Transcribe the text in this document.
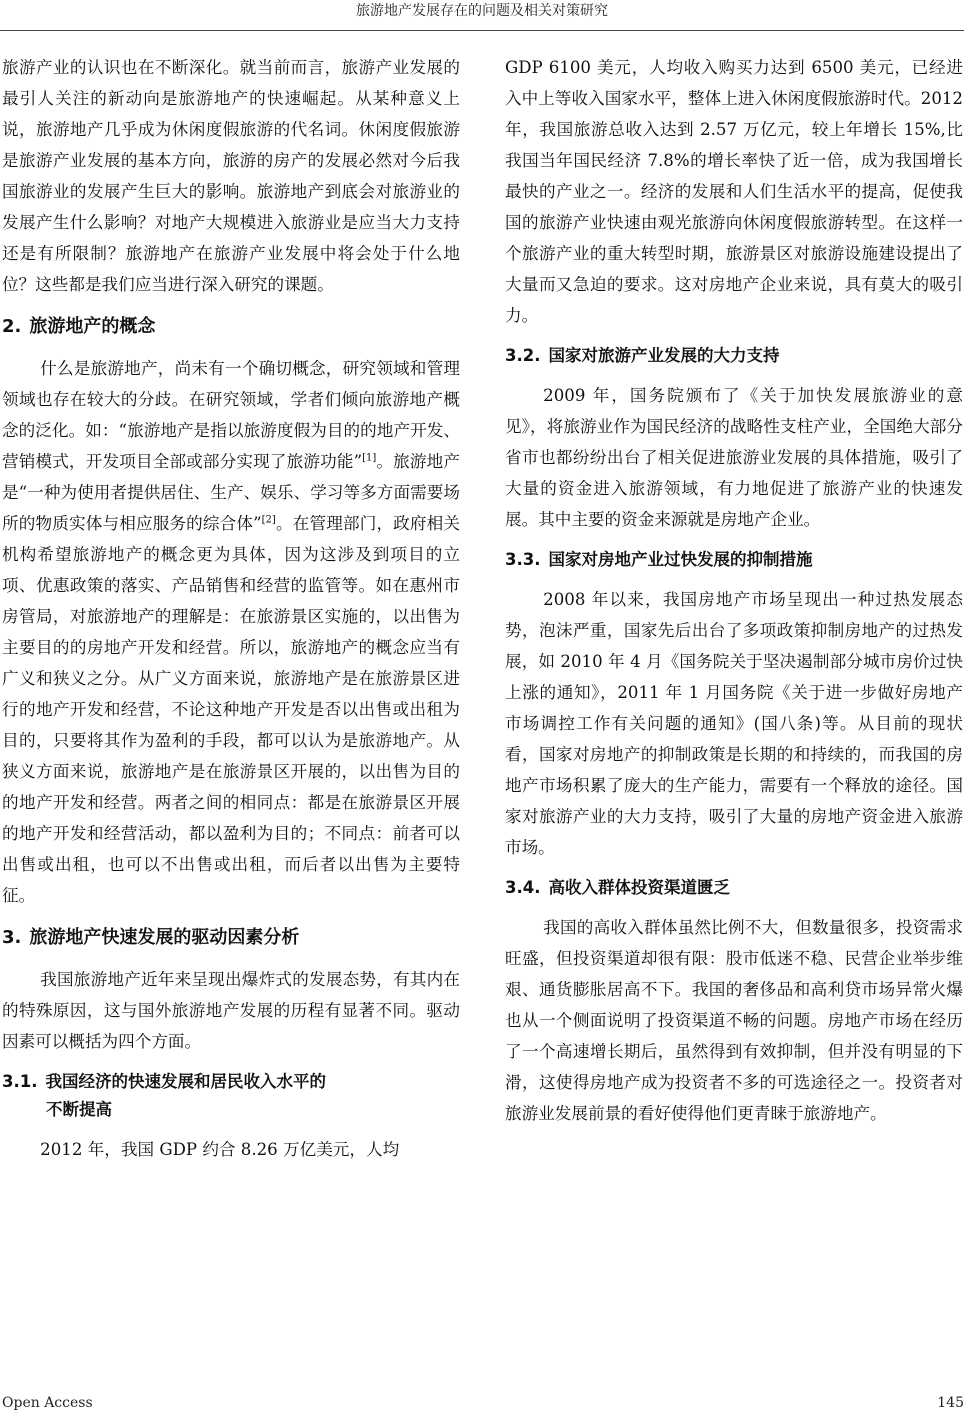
旅游地产发展存在的问题及相关对策研究

旅游产业的认识也在不断深化。就当前而言，旅游产业发展的最引人关注的新动向是旅游地产的快速崛起。从某种意义上说，旅游地产几乎成为休闲度假旅游的代名词。休闲度假旅游是旅游产业发展的基本方向，旅游的房产的发展必然对今后我国旅游业的发展产生巨大的影响。旅游地产到底会对旅游业的发展产生什么影响？对地产大规模进入旅游业是应当大力支持还是有所限制？旅游地产在旅游产业发展中将会处于什么地位？这些都是我们应当进行深入研究的课题。

2. 旅游地产的概念

什么是旅游地产，尚未有一个确切概念，研究领域和管理领域也存在较大的分歧。在研究领域，学者们倾向旅游地产概念的泛化。如：“旅游地产是指以旅游度假为目的的地产开发、营销模式，开发项目全部或部分实现了旅游功能”[1]。旅游地产是“一种为使用者提供居住、生产、娱乐、学习等多方面需要场所的物质实体与相应服务的综合体”[2]。在管理部门，政府相关机构希望旅游地产的概念更为具体，因为这涉及到项目的立项、优惠政策的落实、产品销售和经营的监管等。如在惠州市房管局，对旅游地产的理解是：在旅游景区实施的，以出售为主要目的的房地产开发和经营。所以，旅游地产的概念应当有广义和狭义之分。从广义方面来说，旅游地产是在旅游景区进行的地产开发和经营，不论这种地产开发是否以出售或出租为目的，只要将其作为盈利的手段，都可以认为是旅游地产。从狭义方面来说，旅游地产是在旅游景区开展的，以出售为目的的地产开发和经营。两者之间的相同点：都是在旅游景区开展的地产开发和经营活动，都以盈利为目的；不同点：前者可以出售或出租，也可以不出售或出租，而后者以出售为主要特征。

3. 旅游地产快速发展的驱动因素分析

我国旅游地产近年来呈现出爆炸式的发展态势，有其内在的特殊原因，这与国外旅游地产发展的历程有显著不同。驱动因素可以概括为四个方面。

3.1. 我国经济的快速发展和居民收入水平的
不断提高

2012 年，我国 GDP 约合 8.26 万亿美元，人均

GDP 6100 美元，人均收入购买力达到 6500 美元，已经进入中上等收入国家水平，整体上进入休闲度假旅游时代。2012 年，我国旅游总收入达到 2.57 万亿元，较上年增长 15%,比我国当年国民经济 7.8%的增长率快了近一倍，成为我国增长最快的产业之一。经济的发展和人们生活水平的提高，促使我国的旅游产业快速由观光旅游向休闲度假旅游转型。在这样一个旅游产业的重大转型时期，旅游景区对旅游设施建设提出了大量而又急迫的要求。这对房地产企业来说，具有莫大的吸引力。

3.2. 国家对旅游产业发展的大力支持

2009 年，国务院颁布了《关于加快发展旅游业的意见》，将旅游业作为国民经济的战略性支柱产业，全国绝大部分省市也都纷纷出台了相关促进旅游业发展的具体措施，吸引了大量的资金进入旅游领域，有力地促进了旅游产业的快速发展。其中主要的资金来源就是房地产企业。

3.3. 国家对房地产业过快发展的抑制措施

2008 年以来，我国房地产市场呈现出一种过热发展态势，泡沫严重，国家先后出台了多项政策抑制房地产的过热发展，如 2010 年 4 月《国务院关于坚决遏制部分城市房价过快上涨的通知》，2011 年 1 月国务院《关于进一步做好房地产市场调控工作有关问题的通知》(国八条)等。从目前的现状看，国家对房地产的抑制政策是长期的和持续的，而我国的房地产市场积累了庞大的生产能力，需要有一个释放的途径。国家对旅游产业的大力支持，吸引了大量的房地产资金进入旅游市场。

3.4. 高收入群体投资渠道匮乏

我国的高收入群体虽然比例不大，但数量很多，投资需求旺盛，但投资渠道却很有限：股市低迷不稳、民营企业举步维艰、通货膨胀居高不下。我国的奢侈品和高利贷市场异常火爆也从一个侧面说明了投资渠道不畅的问题。房地产市场在经历了一个高速增长期后，虽然得到有效抑制，但并没有明显的下滑，这使得房地产成为投资者不多的可选途径之一。投资者对旅游业发展前景的看好使得他们更青睐于旅游地产。

Open Access	145
